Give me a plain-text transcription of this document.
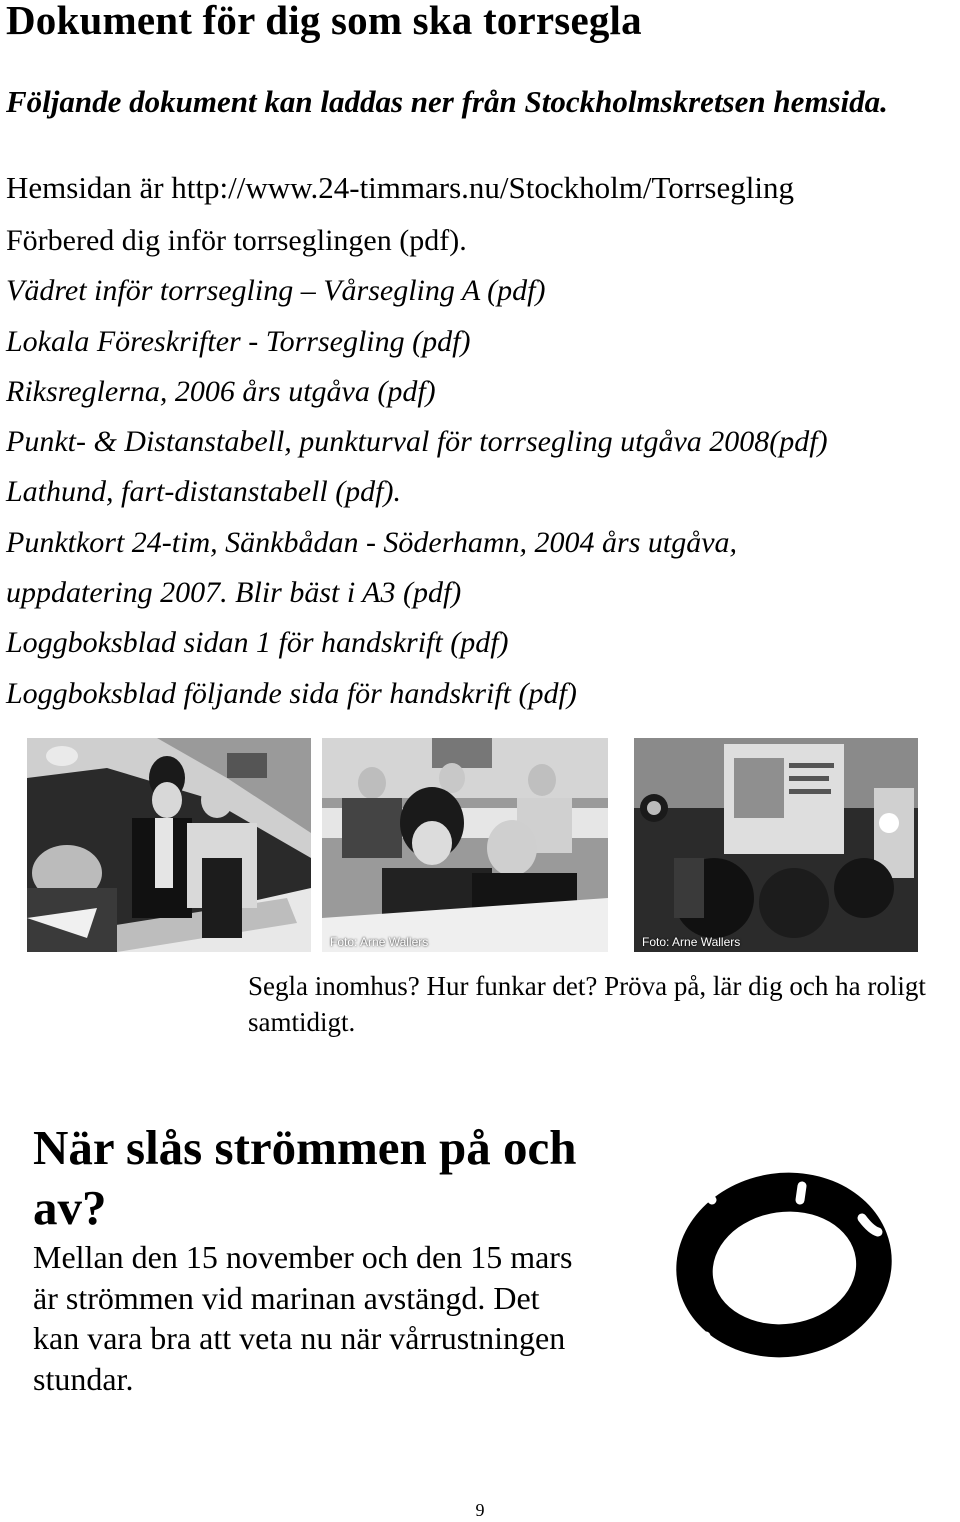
Dokument för dig som ska torrsegla
Följande dokument kan laddas ner från Stockholmskretsen hemsida.
Hemsidan är http://www.24-timmars.nu/Stockholm/Torrsegling
Förbered dig inför torrseglingen (pdf).
Vädret inför torrsegling – Vårsegling A (pdf)
Lokala Föreskrifter - Torrsegling (pdf)
Riksreglerna, 2006 års utgåva (pdf)
Punkt- & Distanstabell, punkturval för torrsegling utgåva 2008(pdf)
Lathund, fart-distanstabell (pdf).
Punktkort 24-tim, Sänkbådan - Söderhamn, 2004 års utgåva,
uppdatering 2007. Blir bäst i A3 (pdf)
Loggboksblad sidan 1 för handskrift (pdf)
Loggboksblad följande sida för handskrift (pdf)
Foto: Arne Wallers	Foto: Arne Wallers
Segla inomhus? Hur funkar det? Pröva på, lär dig och ha roligt samtidigt.
När slås strömmen på och av?
Mellan den 15 november och den 15 mars är strömmen vid marinan avstängd. Det kan vara bra att veta nu när vårrustningen stundar.
9
